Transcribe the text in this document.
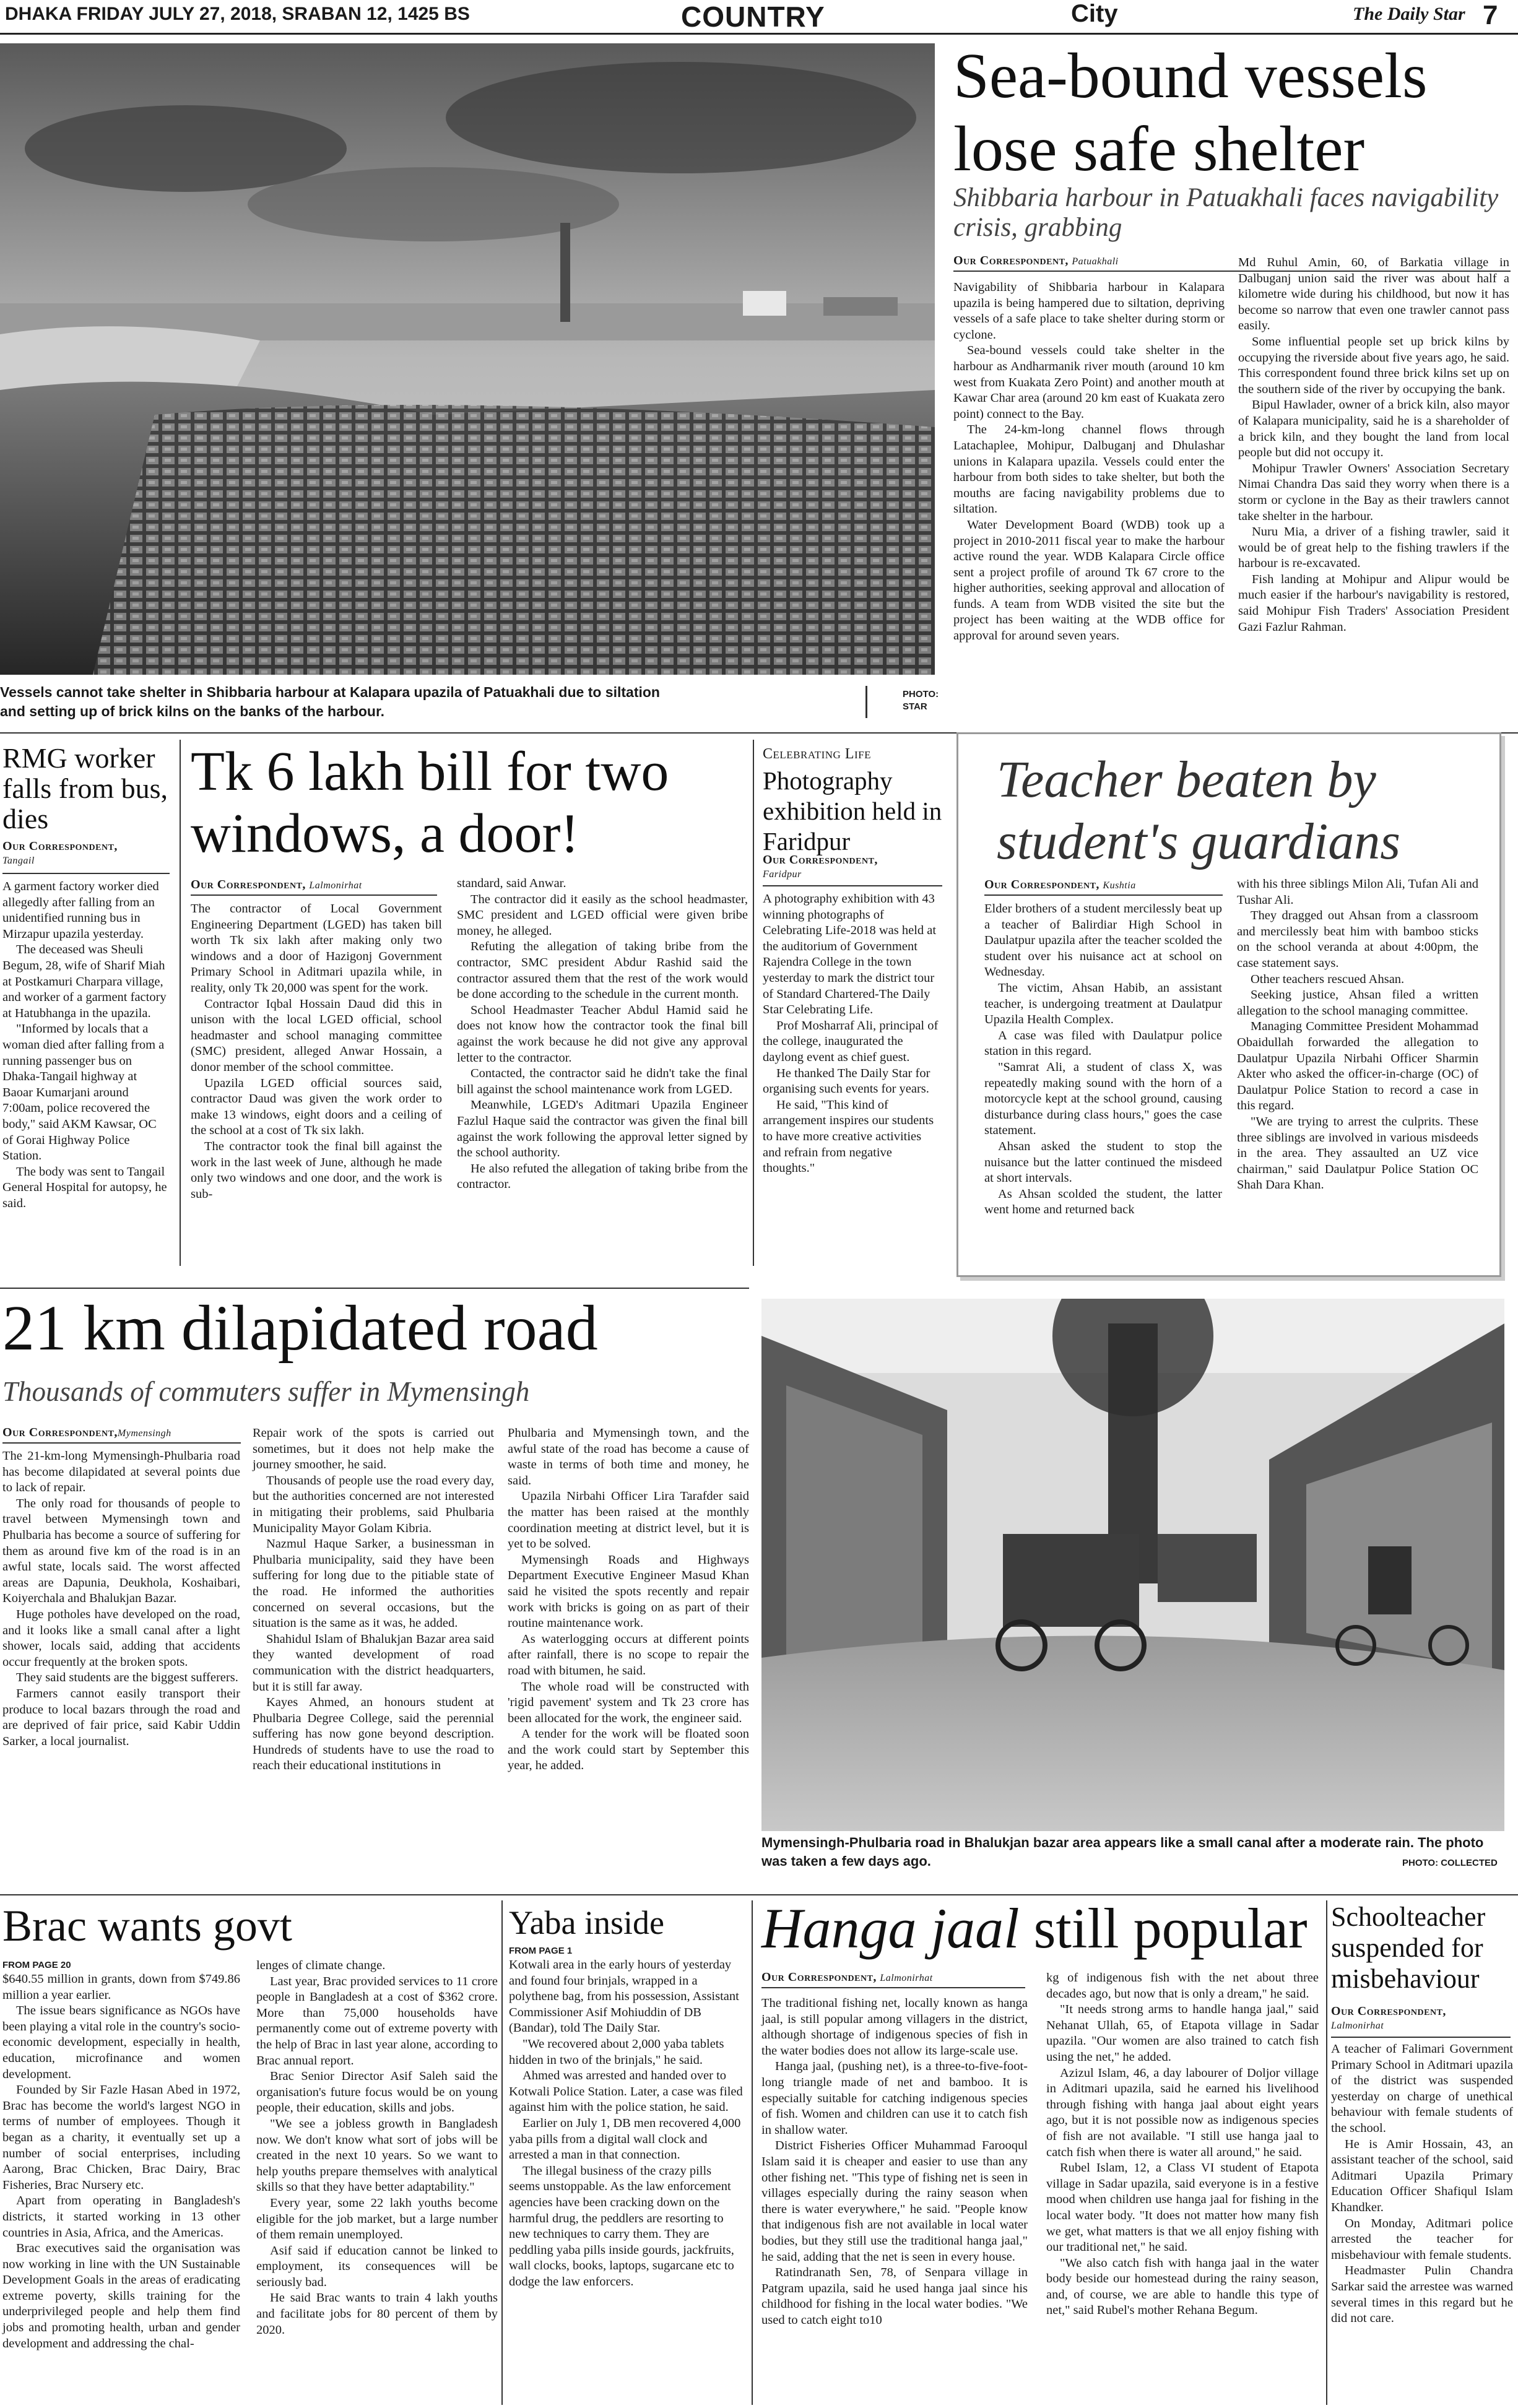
DHAKA FRIDAY JULY 27, 2018, SRABAN 12, 1425 BS	COUNTRY	City	The Daily Star 7
Vessels cannot take shelter in Shibbaria harbour at Kalapara upazila of Patuakhali due to siltation and setting up of brick kilns on the banks of the harbour.
PHOTO:
STAR
Sea-bound vessels lose safe shelter
Shibbaria harbour in Patuakhali faces navigability crisis, grabbing
Our Correspondent, Patuakhali

Navigability of Shibbaria harbour in Kalapara upazila is being hampered due to siltation, depriving vessels of a safe place to take shelter during storm or cyclone.

Sea-bound vessels could take shelter in the harbour as Andharmanik river mouth (around 10 km west from Kuakata Zero Point) and another mouth at Kawar Char area (around 20 km east of Kuakata zero point) connect to the Bay.

The 24-km-long channel flows through Latachaplee, Mohipur, Dalbuganj and Dhulashar unions in Kalapara upazila. Vessels could enter the harbour from both sides to take shelter, but both the mouths are facing navigability problems due to siltation.

Water Development Board (WDB) took up a project in 2010-2011 fiscal year to make the harbour active round the year. WDB Kalapara Circle office sent a project profile of around Tk 67 crore to the higher authorities, seeking approval and allocation of funds. A team from WDB visited the site but the project has been waiting at the WDB office for approval for around seven years.

Md Ruhul Amin, 60, of Barkatia village in Dalbuganj union said the river was about half a kilometre wide during his childhood, but now it has become so narrow that even one trawler cannot pass easily.

Some influential people set up brick kilns by occupying the riverside about five years ago, he said. This correspondent found three brick kilns set up on the southern side of the river by occupying the bank.

Bipul Hawlader, owner of a brick kiln, also mayor of Kalapara municipality, said he is a shareholder of a brick kiln, and they bought the land from local people but did not occupy it.

Mohipur Trawler Owners' Association Secretary Nimai Chandra Das said they worry when there is a storm or cyclone in the Bay as their trawlers cannot take shelter in the harbour.

Nuru Mia, a driver of a fishing trawler, said it would be of great help to the fishing trawlers if the harbour is re-excavated.

Fish landing at Mohipur and Alipur would be much easier if the harbour's navigability is restored, said Mohipur Fish Traders' Association President Gazi Fazlur Rahman.

RMG worker falls from bus, dies
Our Correspondent,
Tangail

A garment factory worker died allegedly after falling from an unidentified running bus in Mirzapur upazila yesterday.

The deceased was Sheuli Begum, 28, wife of Sharif Miah at Postkamuri Charpara village, and worker of a garment factory at Hatubhanga in the upazila.

"Informed by locals that a woman died after falling from a running passenger bus on Dhaka-Tangail highway at Baoar Kumarjani around 7:00am, police recovered the body," said AKM Kawsar, OC of Gorai Highway Police Station.

The body was sent to Tangail General Hospital for autopsy, he said.

Tk 6 lakh bill for two windows, a door!
Our Correspondent, Lalmonirhat

The contractor of Local Government Engineering Department (LGED) has taken bill worth Tk six lakh after making only two windows and a door of Hazigonj Government Primary School in Aditmari upazila while, in reality, only Tk 20,000 was spent for the work.

Contractor Iqbal Hossain Daud did this in unison with the local LGED official, school headmaster and school managing committee (SMC) president, alleged Anwar Hossain, a donor member of the school committee.

Upazila LGED official sources said, contractor Daud was given the work order to make 13 windows, eight doors and a ceiling of the school at a cost of Tk six lakh.

The contractor took the final bill against the work in the last week of June, although he made only two windows and one door, and the work is sub-

standard, said Anwar.

The contractor did it easily as the school headmaster, SMC president and LGED official were given bribe money, he alleged.

Refuting the allegation of taking bribe from the contractor, SMC president Abdur Rashid said the contractor assured them that the rest of the work would be done according to the schedule in the current month.

School Headmaster Teacher Abdul Hamid said he does not know how the contractor took the final bill against the work because he did not give any approval letter to the contractor.

Contacted, the contractor said he didn't take the final bill against the school maintenance work from LGED.

Meanwhile, LGED's Aditmari Upazila Engineer Fazlul Haque said the contractor was given the final bill against the work following the approval letter signed by the school authority.

He also refuted the allegation of taking bribe from the contractor.

Celebrating Life
Photography exhibition held in Faridpur
Our Correspondent,
Faridpur

A photography exhibition with 43 winning photographs of Celebrating Life-2018 was held at the auditorium of Government Rajendra College in the town yesterday to mark the district tour of Standard Chartered-The Daily Star Celebrating Life.

Prof Mosharraf Ali, principal of the college, inaugurated the daylong event as chief guest.

He thanked The Daily Star for organising such events for years.

He said, "This kind of arrangement inspires our students to have more creative activities and refrain from negative thoughts."

Teacher beaten by student's guardians
Our Correspondent, Kushtia

Elder brothers of a student mercilessly beat up a teacher of Balirdiar High School in Daulatpur upazila after the teacher scolded the student over his nuisance act at school on Wednesday.

The victim, Ahsan Habib, an assistant teacher, is undergoing treatment at Daulatpur Upazila Health Complex.

A case was filed with Daulatpur police station in this regard.

"Samrat Ali, a student of class X, was repeatedly making sound with the horn of a motorcycle kept at the school ground, causing disturbance during class hours," goes the case statement.

Ahsan asked the student to stop the nuisance but the latter continued the misdeed at short intervals.

As Ahsan scolded the student, the latter went home and returned back

with his three siblings Milon Ali, Tufan Ali and Tushar Ali.

They dragged out Ahsan from a classroom and mercilessly beat him with bamboo sticks on the school veranda at about 4:00pm, the case statement says.

Other teachers rescued Ahsan.

Seeking justice, Ahsan filed a written allegation to the school managing committee.

Managing Committee President Mohammad Obaidullah forwarded the allegation to Daulatpur Upazila Nirbahi Officer Sharmin Akter who asked the officer-in-charge (OC) of Daulatpur Police Station to record a case in this regard.

"We are trying to arrest the culprits. These three siblings are involved in various misdeeds in the area. They assaulted an UZ vice chairman," said Daulatpur Police Station OC Shah Dara Khan.

21 km dilapidated road
Thousands of commuters suffer in Mymensingh
Our Correspondent,Mymensingh

The 21-km-long Mymensingh-Phulbaria road has become dilapidated at several points due to lack of repair.

The only road for thousands of people to travel between Mymensingh town and Phulbaria has become a source of suffering for them as around five km of the road is in an awful state, locals said. The worst affected areas are Dapunia, Deukhola, Koshaibari, Koiyerchala and Bhalukjan Bazar.

Huge potholes have developed on the road, and it looks like a small canal after a light shower, locals said, adding that accidents occur frequently at the broken spots.

They said students are the biggest sufferers.

Farmers cannot easily transport their produce to local bazars through the road and are deprived of fair price, said Kabir Uddin Sarker, a local journalist.

Repair work of the spots is carried out sometimes, but it does not help make the journey smoother, he said.

Thousands of people use the road every day, but the authorities concerned are not interested in mitigating their problems, said Phulbaria Municipality Mayor Golam Kibria.

Nazmul Haque Sarker, a businessman in Phulbaria municipality, said they have been suffering for long due to the pitiable state of the road. He informed the authorities concerned on several occasions, but the situation is the same as it was, he added.

Shahidul Islam of Bhalukjan Bazar area said they wanted development of road communication with the district headquarters, but it is still far away.

Kayes Ahmed, an honours student at Phulbaria Degree College, said the perennial suffering has now gone beyond description. Hundreds of students have to use the road to reach their educational institutions in

Phulbaria and Mymensingh town, and the awful state of the road has become a cause of waste in terms of both time and money, he said.

Upazila Nirbahi Officer Lira Tarafder said the matter has been raised at the monthly coordination meeting at district level, but it is yet to be solved.

Mymensingh Roads and Highways Department Executive Engineer Masud Khan said he visited the spots recently and repair work with bricks is going on as part of their routine maintenance work.

As waterlogging occurs at different points after rainfall, there is no scope to repair the road with bitumen, he said.

The whole road will be constructed with 'rigid pavement' system and Tk 23 crore has been allocated for the work, the engineer said.

A tender for the work will be floated soon and the work could start by September this year, he added.

Mymensingh-Phulbaria road in Bhalukjan bazar area appears like a small canal after a moderate rain. The photo was taken a few days ago.	PHOTO: COLLECTED
Brac wants govt
FROM PAGE 20

$640.55 million in grants, down from $749.86 million a year earlier.

The issue bears significance as NGOs have been playing a vital role in the country's socio-economic development, especially in health, education, microfinance and women development.

Founded by Sir Fazle Hasan Abed in 1972, Brac has become the world's largest NGO in terms of number of employees. Though it began as a charity, it eventually set up a number of social enterprises, including Aarong, Brac Chicken, Brac Dairy, Brac Fisheries, Brac Nursery etc.

Apart from operating in Bangladesh's districts, it started working in 13 other countries in Asia, Africa, and the Americas.

Brac executives said the organisation was now working in line with the UN Sustainable Development Goals in the areas of eradicating extreme poverty, skills training for the underprivileged people and help them find jobs and promoting health, urban and gender development and addressing the chal-

lenges of climate change.

Last year, Brac provided services to 11 crore people in Bangladesh at a cost of $362 crore. More than 75,000 households have permanently come out of extreme poverty with the help of Brac in last year alone, according to Brac annual report.

Brac Senior Director Asif Saleh said the organisation's future focus would be on young people, their education, skills and jobs.

"We see a jobless growth in Bangladesh now. We don't know what sort of jobs will be created in the next 10 years. So we want to help youths prepare themselves with analytical skills so that they have better adaptability."

Every year, some 22 lakh youths become eligible for the job market, but a large number of them remain unemployed.

Asif said if education cannot be linked to employment, its consequences will be seriously bad.

He said Brac wants to train 4 lakh youths and facilitate jobs for 80 percent of them by 2020.

Yaba inside
FROM PAGE 1

Kotwali area in the early hours of yesterday and found four brinjals, wrapped in a polythene bag, from his possession, Assistant Commissioner Asif Mohiuddin of DB (Bandar), told The Daily Star.

"We recovered about 2,000 yaba tablets hidden in two of the brinjals," he said.

Ahmed was arrested and handed over to Kotwali Police Station. Later, a case was filed against him with the police station, he said.

Earlier on July 1, DB men recovered 4,000 yaba pills from a digital wall clock and arrested a man in that connection.

The illegal business of the crazy pills seems unstoppable. As the law enforcement agencies have been cracking down on the harmful drug, the peddlers are resorting to new techniques to carry them. They are peddling yaba pills inside gourds, jackfruits, wall clocks, books, laptops, sugarcane etc to dodge the law enforcers.

Hanga jaal still popular
Our Correspondent, Lalmonirhat

The traditional fishing net, locally known as hanga jaal, is still popular among villagers in the district, although shortage of indigenous species of fish in the water bodies does not allow its large-scale use.

Hanga jaal, (pushing net), is a three-to-five-foot-long triangle made of net and bamboo. It is especially suitable for catching indigenous species of fish. Women and children can use it to catch fish in shallow water.

District Fisheries Officer Muhammad Farooqul Islam said it is cheaper and easier to use than any other fishing net. "This type of fishing net is seen in villages especially during the rainy season when there is water everywhere," he said. "People know that indigenous fish are not available in local water bodies, but they still use the traditional hanga jaal," he said, adding that the net is seen in every house.

Ratindranath Sen, 78, of Senpara village in Patgram upazila, said he used hanga jaal since his childhood for fishing in the local water bodies. "We used to catch eight to10

kg of indigenous fish with the net about three decades ago, but now that is only a dream," he said.

"It needs strong arms to handle hanga jaal," said Nehanat Ullah, 65, of Etapota village in Sadar upazila. "Our women are also trained to catch fish using the net," he added.

Azizul Islam, 46, a day labourer of Doljor village in Aditmari upazila, said he earned his livelihood through fishing with hanga jaal about eight years ago, but it is not possible now as indigenous species of fish are not available. "I still use hanga jaal to catch fish when there is water all around," he said.

Rubel Islam, 12, a Class VI student of Etapota village in Sadar upazila, said everyone is in a festive mood when children use hanga jaal for fishing in the local water body. "It does not matter how many fish we get, what matters is that we all enjoy fishing with our traditional net," he said.

"We also catch fish with hanga jaal in the water body beside our homestead during the rainy season, and, of course, we are able to handle this type of net," said Rubel's mother Rehana Begum.

Schoolteacher suspended for misbehaviour
Our Correspondent,
Lalmonirhat

A teacher of Falimari Government Primary School in Aditmari upazila of the district was suspended yesterday on charge of unethical behaviour with female students of the school.

He is Amir Hossain, 43, an assistant teacher of the school, said Aditmari Upazila Primary Education Officer Shafiqul Islam Khandker.

On Monday, Aditmari police arrested the teacher for misbehaviour with female students.

Headmaster Pulin Chandra Sarkar said the arrestee was warned several times in this regard but he did not care.
